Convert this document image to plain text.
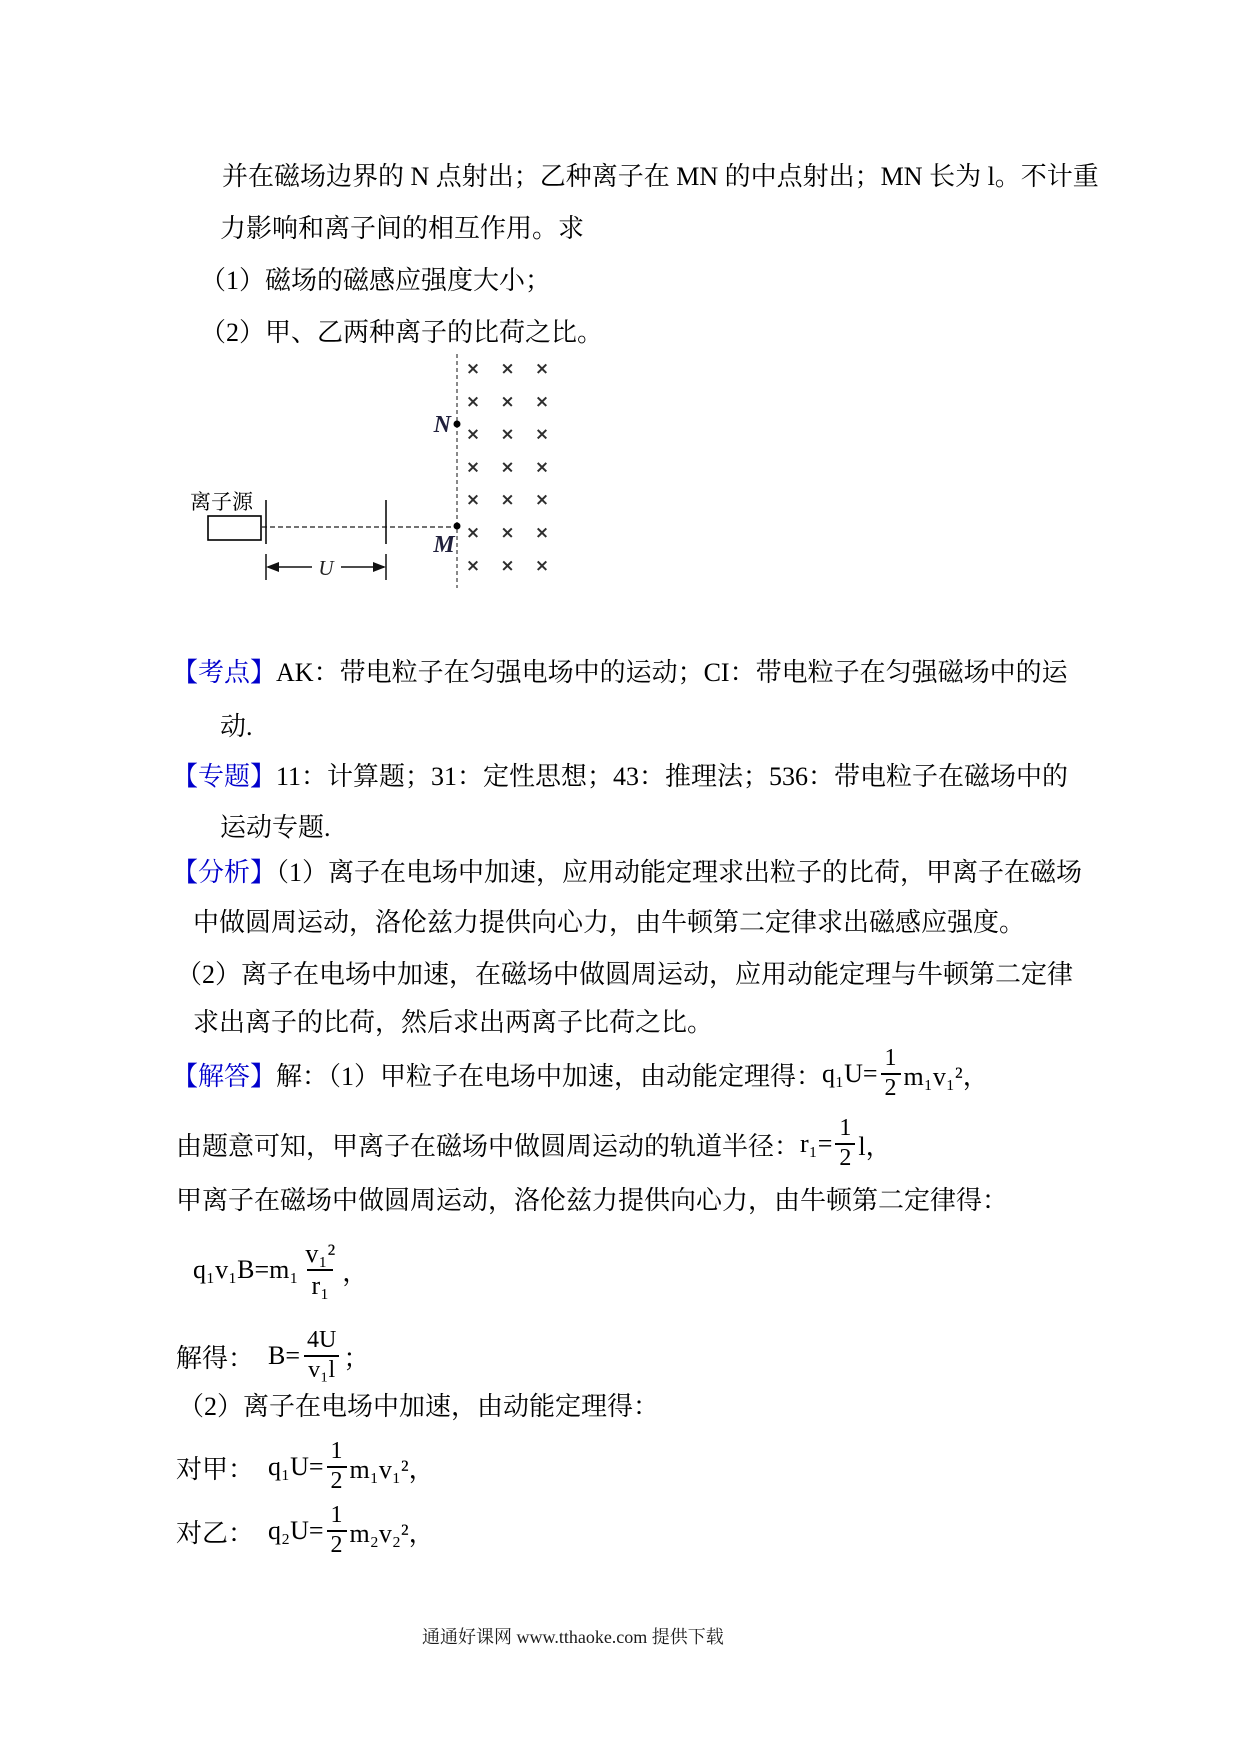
并在磁场边界的 N 点射出；乙种离子在 MN 的中点射出；MN 长为 l。不计重
力影响和离子间的相互作用。求
（1）磁场的磁感应强度大小；
（2）甲、乙两种离子的比荷之比。
× × ×
× × ×
× × ×
× × ×
× × ×
× × ×
× × ×
N
M
离子源
U
【考点】AK：带电粒子在匀强电场中的运动；CI：带电粒子在匀强磁场中的运
动.
【专题】11：计算题；31：定性思想；43：推理法；536：带电粒子在磁场中的
运动专题.
【分析】（1）离子在电场中加速，应用动能定理求出粒子的比荷，甲离子在磁场
中做圆周运动，洛伦兹力提供向心力，由牛顿第二定律求出磁感应强度。
（2）离子在电场中加速，在磁场中做圆周运动，应用动能定理与牛顿第二定律
求出离子的比荷，然后求出两离子比荷之比。
【解答】 解：（1）甲粒子在电场中加速，由动能定理得： $q_1U= \frac{1}{2} m_1v_1^2$，
由题意可知，甲离子在磁场中做圆周运动的轨道半径： $r_1= \frac{1}{2}$ l，
甲离子在磁场中做圆周运动，洛伦兹力提供向心力，由牛顿第二定律得：
$q_1v_1B=m_1 \frac{\text{v₁²}}{\text{r₁}}$ ，
解得： $B= \frac{4U}{\text{v₁l}}$ ；
（2）离子在电场中加速，由动能定理得：
对甲： $q_1U= \frac{1}{2} m_1v_1^2$，
对乙： $q_2U= \frac{1}{2} m_2v_2^2$，
通通好课网 www.tthaoke.com 提供下载
